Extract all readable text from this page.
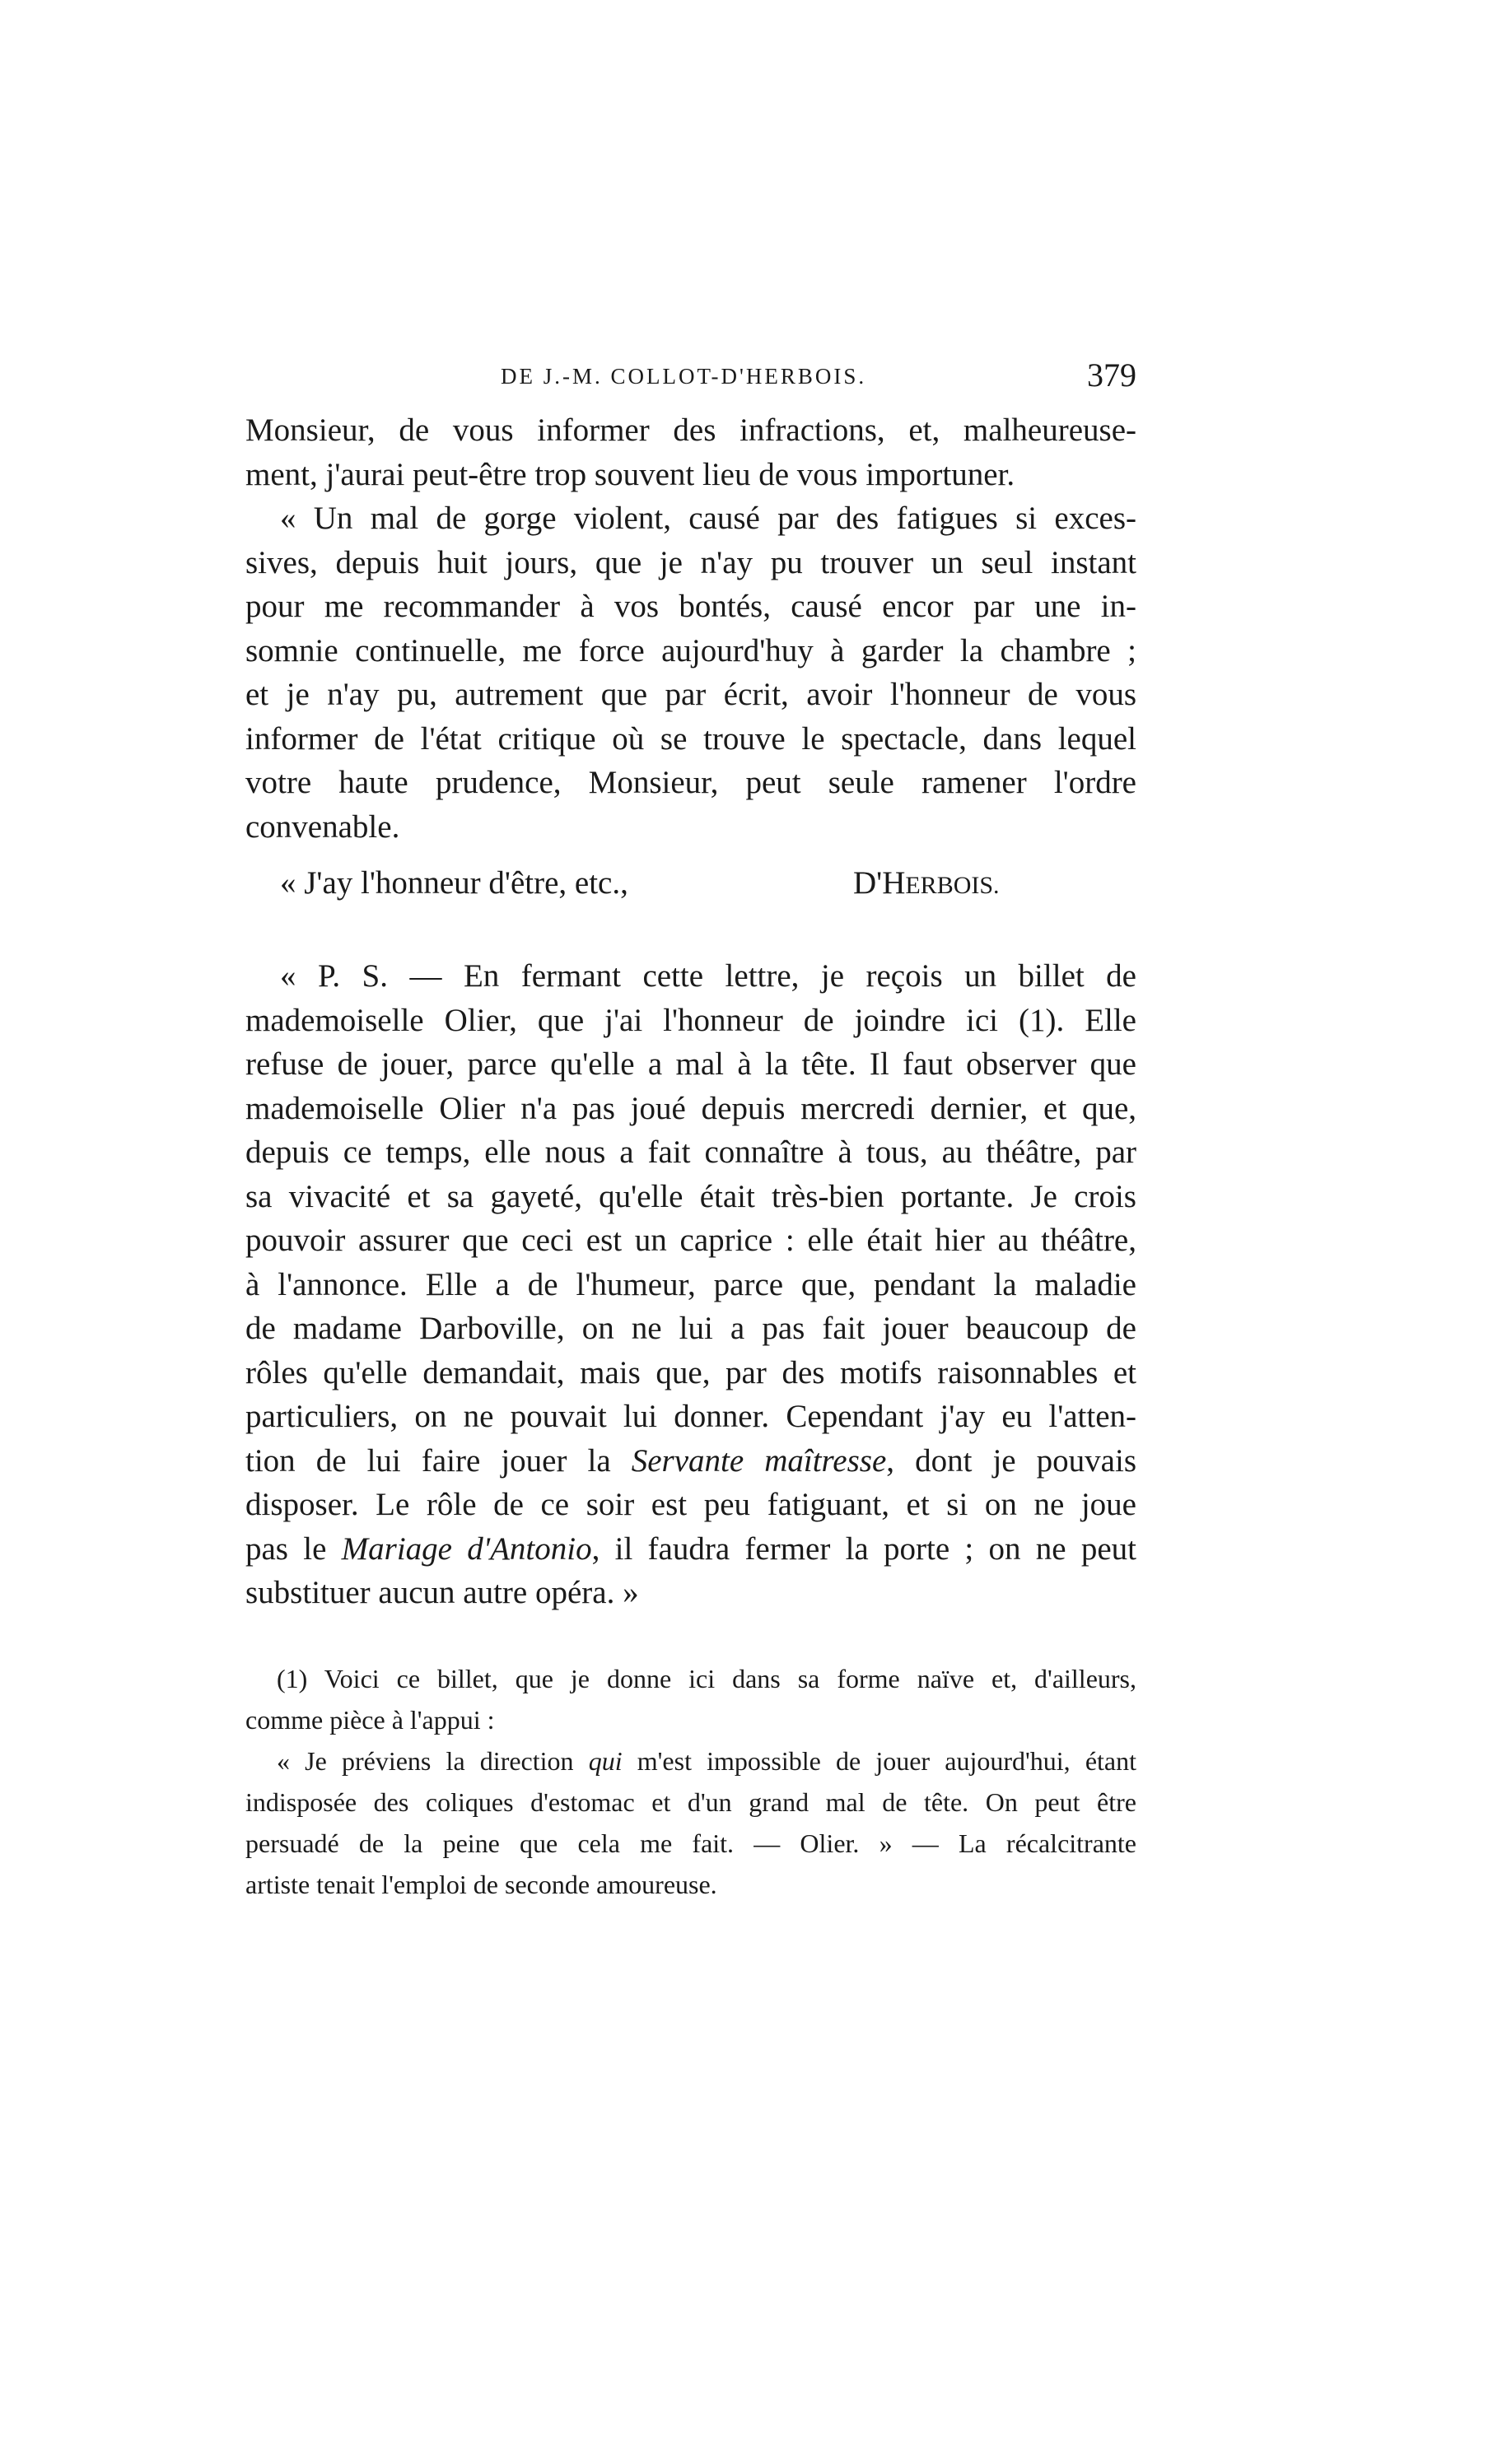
DE J.-M. COLLOT-D'HERBOIS.	379
Monsieur, de vous informer des infractions, et, malheureuse-
ment, j'aurai peut-être trop souvent lieu de vous importuner.
« Un mal de gorge violent, causé par des fatigues si exces-
sives, depuis huit jours, que je n'ay pu trouver un seul instant
pour me recommander à vos bontés, causé encor par une in-
somnie continuelle, me force aujourd'huy à garder la chambre ;
et je n'ay pu, autrement que par écrit, avoir l'honneur de vous
informer de l'état critique où se trouve le spectacle, dans lequel
votre haute prudence, Monsieur, peut seule ramener l'ordre
convenable.
« J'ay l'honneur d'être, etc.,	D'HERBOIS.
« P. S. — En fermant cette lettre, je reçois un billet de
mademoiselle Olier, que j'ai l'honneur de joindre ici (1). Elle
refuse de jouer, parce qu'elle a mal à la tête. Il faut observer que
mademoiselle Olier n'a pas joué depuis mercredi dernier, et que,
depuis ce temps, elle nous a fait connaître à tous, au théâtre, par
sa vivacité et sa gayeté, qu'elle était très-bien portante. Je crois
pouvoir assurer que ceci est un caprice : elle était hier au théâtre,
à l'annonce. Elle a de l'humeur, parce que, pendant la maladie
de madame Darboville, on ne lui a pas fait jouer beaucoup de
rôles qu'elle demandait, mais que, par des motifs raisonnables et
particuliers, on ne pouvait lui donner. Cependant j'ay eu l'atten-
tion de lui faire jouer la Servante maîtresse, dont je pouvais
disposer. Le rôle de ce soir est peu fatiguant, et si on ne joue
pas le Mariage d'Antonio, il faudra fermer la porte ; on ne peut
substituer aucun autre opéra. »
(1) Voici ce billet, que je donne ici dans sa forme naïve et, d'ailleurs,
comme pièce à l'appui :
« Je préviens la direction qui m'est impossible de jouer aujourd'hui, étant
indisposée des coliques d'estomac et d'un grand mal de tête. On peut être
persuadé de la peine que cela me fait. — Olier. » — La récalcitrante
artiste tenait l'emploi de seconde amoureuse.
